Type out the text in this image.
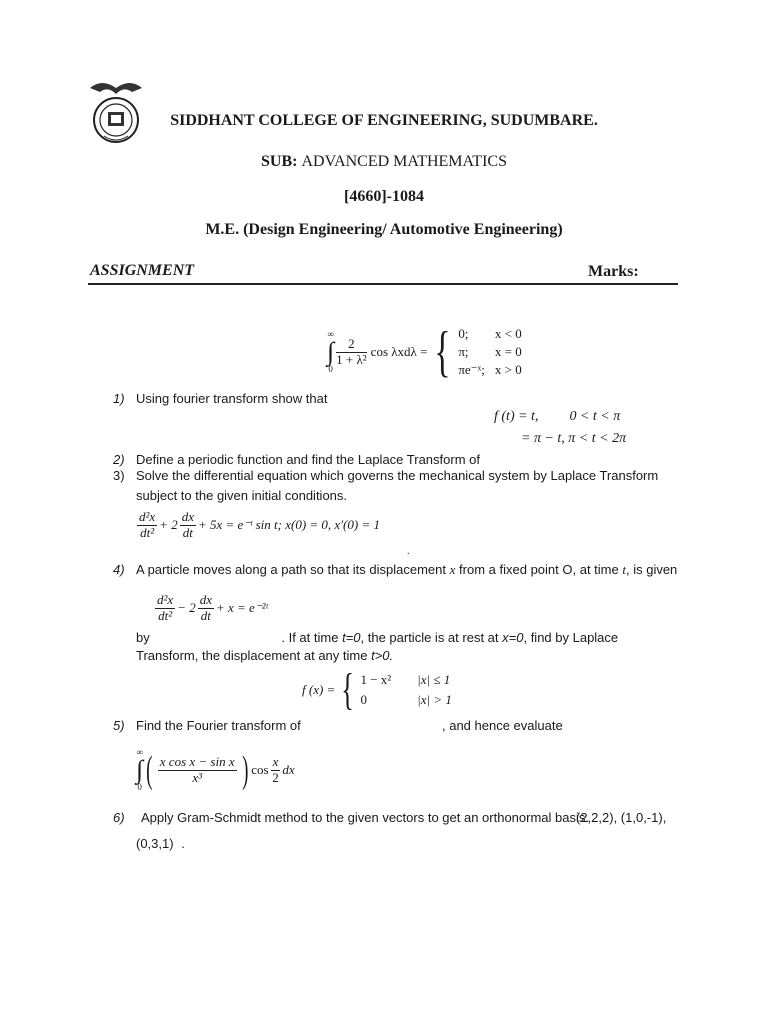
SIDDHANT COLLEGE OF ENGINEERING, SUDUMBARE.
SUB: ADVANCED MATHEMATICS
[4660]-1084
M.E. (Design Engineering/ Automotive Engineering)
ASSIGNMENT	Marks:
∞
∫
0
$\frac{2}{\text{1 + λ²}}$ cos λxdλ = { 0;	x < 0
π;	x = 0
πe⁻ˣ; x > 0
1) Using fourier transform show that
f (t) = t, 0 < t < π
= π − t, π < t < 2π
2) Define a periodic function and find the Laplace Transform of
3) Solve the differential equation which governs the mechanical system by Laplace Transform
subject to the given initial conditions.
$\frac{\text{d²x}}{\text{dt²}} + 2 \frac{dx}{dt} + 5x$ = e⁻ᵗ sin t; x(0) = 0, x′(0) = 1
.
4) A particle moves along a path so that its displacement x from a fixed point O, at time t, is given
$\frac{\text{d²x}}{\text{dt²}} - 2 \frac{dx}{dt} + x$ = e⁻²ᵗ
by	. If at time t=0, the particle is at rest at x=0, find by Laplace
Transform, the displacement at any time t>0.
f (x) = { 1 − x² |x| ≤ 1
0	|x| > 1
5) Find the Fourier transform of	, and hence evaluate
∞
∫
0 ( $\frac{\text{x cos x − sin x}}{\text{x³}}$ ) $\cos \frac{x}{2}$ dx
6) Apply Gram-Schmidt method to the given vectors to get an orthonormal basis.
(2,2,2), (1,0,-1),
(0,3,1) .
